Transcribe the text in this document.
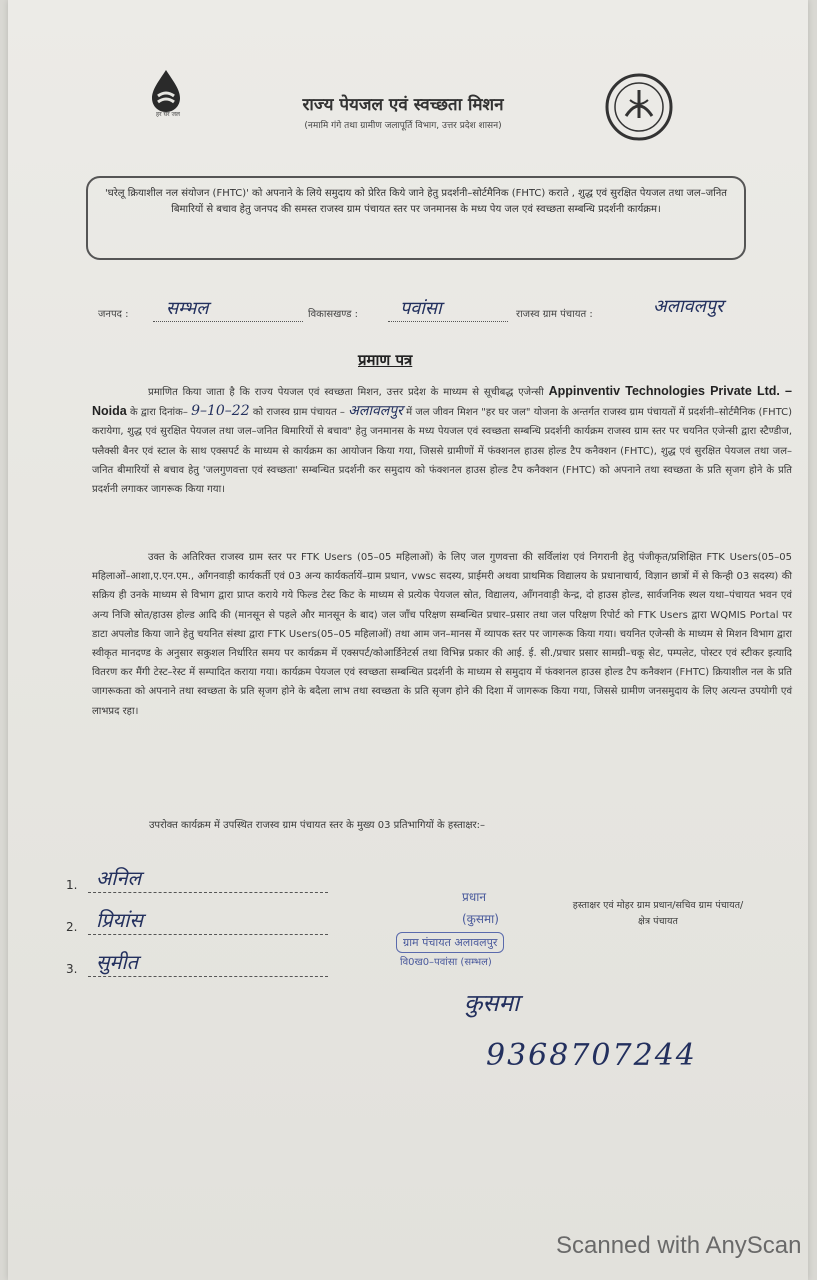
हर घर जल	राज्य पेयजल एवं स्वच्छता मिशन
(नमामि गंगे तथा ग्रामीण जलापूर्ति विभाग, उत्तर प्रदेश शासन)
'घरेलू क्रियाशील नल संयोजन (FHTC)' को अपनाने के लिये समुदाय को प्रेरित किये जाने हेतु प्रदर्शनी–सोर्टमैनिक (FHTC) कराते , शुद्ध एवं सुरक्षित पेयजल तथा जल–जनित बिमारियों से बचाव हेतु जनपद की समस्त राजस्व ग्राम पंचायत स्तर पर जनमानस के मध्य पेय जल एवं स्वच्छता सम्बन्धि प्रदर्शनी कार्यक्रम।
जनपद : सम्भल	विकासखण्ड : पवांसा	राजस्व ग्राम पंचायत :	अलावलपुर
प्रमाण पत्र
प्रमाणित किया जाता है कि राज्य पेयजल एवं स्वच्छता मिशन, उत्तर प्रदेश के माध्यम से सूचीबद्ध एजेन्सी Appinventiv Technologies Private Ltd. – Noida के द्वारा दिनांक– 9–10–22 को राजस्व ग्राम पंचायत – अलावलपुर में जल जीवन मिशन "हर घर जल" योजना के अन्तर्गत राजस्व ग्राम पंचायतों में प्रदर्शनी–सोर्टमैनिक (FHTC) करायेगा, शुद्ध एवं सुरक्षित पेयजल तथा जल–जनित बिमारियों से बचाव" हेतु जनमानस के मध्य पेयजल एवं स्वच्छता सम्बन्धि प्रदर्शनी कार्यक्रम राजस्व ग्राम स्तर पर चयनित एजेन्सी द्वारा स्टैण्डीज, फ्लैक्सी बैनर एवं स्टाल के साथ एक्सपर्ट के माध्यम से कार्यक्रम का आयोजन किया गया, जिससे ग्रामीणों में फंक्शनल हाउस होल्ड टैप कनैक्शन (FHTC), शुद्ध एवं सुरक्षित पेयजल तथा जल–जनित बीमारियों से बचाव हेतु 'जलगुणवत्ता एवं स्वच्छता' सम्बन्धित प्रदर्शनी कर समुदाय को फंक्शनल हाउस होल्ड टैप कनैक्शन (FHTC) को अपनाने तथा स्वच्छता के प्रति सृजग होने के प्रति प्रदर्शनी लगाकर जागरूक किया गया।
उक्त के अतिरिक्त राजस्व ग्राम स्तर पर FTK Users (05–05 महिलाओं) के लिए जल गुणवत्ता की सर्विलांश एवं निगरानी हेतु पंजीकृत/प्रशिक्षित FTK Users(05–05 महिलाओं–आशा,ए.एन.एम., आँगनवाड़ी कार्यकर्ती एवं 03 अन्य कार्यकर्तायें–ग्राम प्रधान, vwsc सदस्य, प्राईमरी अथवा प्राथमिक विद्यालय के प्रधानाचार्य, विज्ञान छात्रों में से किन्ही 03 सदस्य) की सक्रिय ही उनके माध्यम से विभाग द्वारा प्राप्त कराये गये फिल्ड टेस्ट किट के माध्यम से प्रत्येक पेयजल स्रोत, विद्यालय, आँगनवाड़ी केन्द्र, दो हाउस होल्ड, सार्वजनिक स्थल यथा–पंचायत भवन एवं अन्य निजि स्रोत/हाउस होल्ड आदि की (मानसून से पहले और मानसून के बाद) जल जाँच परिक्षण सम्बन्धित प्रचार–प्रसार तथा जल परिक्षण रिपोर्ट को FTK Users द्वारा WQMIS Portal पर डाटा अपलोड किया जाने हेतु चयनित संस्था द्वारा FTK Users(05–05 महिलाओं) तथा आम जन–मानस में व्यापक स्तर पर जागरूक किया गया। चयनित एजेन्सी के माध्यम से मिशन विभाग द्वारा स्वीकृत मानदण्ड के अनुसार सकुशल निर्धारित समय पर कार्यक्रम में एक्सपर्ट/कोआर्डिनेटर्स तथा विभिन्न प्रकार की आई. ई. सी./प्रचार प्रसार सामग्री–चकू सेट, पम्पलेट, पोस्टर एवं स्टीकर इत्यादि वितरण कर मैंगी टेस्ट–रेस्ट में सम्पादित कराया गया। कार्यक्रम पेयजल एवं स्वच्छता सम्बन्धित प्रदर्शनी के माध्यम से समुदाय में फंक्शनल हाउस होल्ड टैप कनैक्शन (FHTC) क्रियाशील नल के प्रति जागरूकता को अपनाने तथा स्वच्छता के प्रति सृजग होने के बदैला लाभ तथा स्वच्छता के प्रति सृजग होने की दिशा में जागरूक किया गया, जिससे ग्रामीण जनसमुदाय के लिए अत्यन्त उपयोगी एवं लाभप्रद रहा।
उपरोक्त कार्यक्रम में उपस्थित राजस्व ग्राम पंचायत स्तर के मुख्य 03 प्रतिभागियों के हस्ताक्षर:–
1. अनिल
2. प्रियांस
3. सुमीत
प्रधान
(कुसमा)
ग्राम पंचायत अलावलपुर
वि0ख0–पवांसा (सम्भल)
हस्ताक्षर एवं मोहर ग्राम प्रधान/सचिव ग्राम पंचायत/ क्षेत्र पंचायत
कुसमा
9368707244
Scanned with AnyScan
